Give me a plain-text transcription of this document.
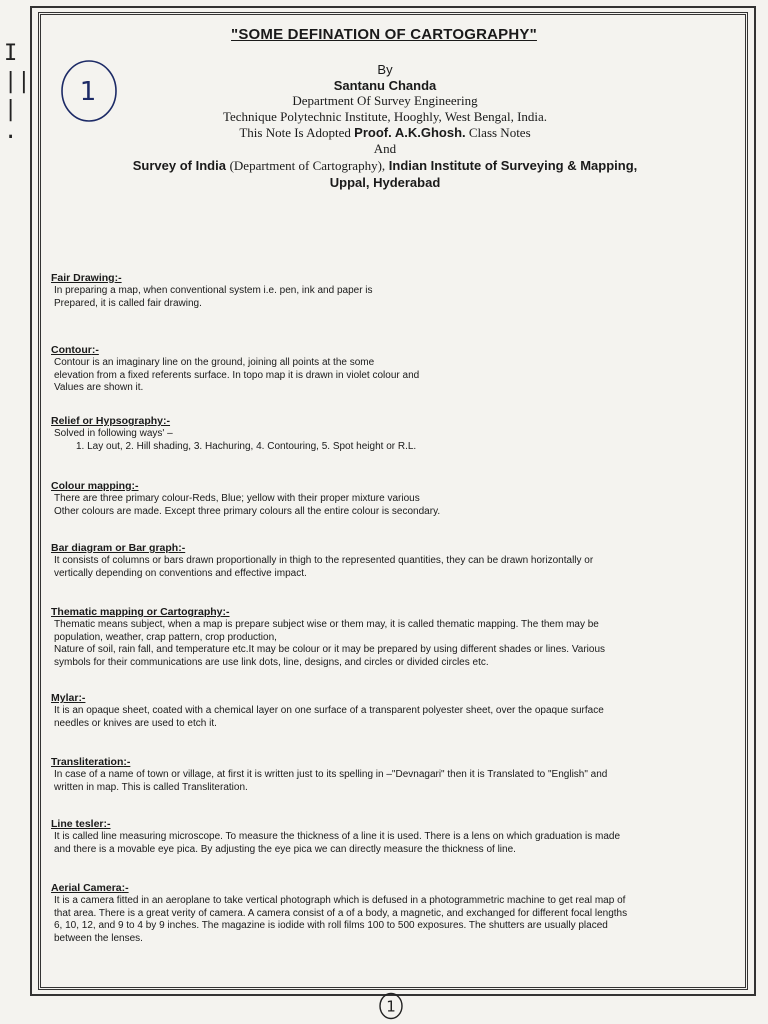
I
||
|·
1
"SOME DEFINATION OF CARTOGRAPHY"

By

Santanu Chanda

Department Of Survey Engineering

Technique Polytechnic Institute, Hooghly, West Bengal, India.

This Note Is Adopted Proof. A.K.Ghosh. Class Notes

And

Survey of India (Department of Cartography), Indian Institute of Surveying & Mapping,

Uppal, Hyderabad

Fair Drawing:-

In preparing a map, when conventional system i.e. pen, ink and paper is

Prepared, it is called fair drawing.

Contour:-

Contour is an imaginary line on the ground, joining all points at the some

elevation from a fixed referents surface. In topo map it is drawn in violet colour and

Values are shown it.

Relief or Hypsography:-

Solved in following ways' –

1. Lay out, 2. Hill shading, 3. Hachuring, 4. Contouring, 5. Spot height or R.L.

Colour mapping:-

There are three primary colour-Reds, Blue; yellow with their proper mixture various

Other colours are made. Except three primary colours all the entire colour is secondary.

Bar diagram or Bar graph:-

It consists of columns or bars drawn proportionally in thigh to the represented quantities, they can be drawn horizontally or

vertically depending on conventions and effective impact.

Thematic mapping or Cartography:-

Thematic means subject, when a map is prepare subject wise or them may, it is called thematic mapping. The them may be

population, weather, crap pattern, crop production,

Nature of soil, rain fall, and temperature etc.It may be colour or it may be prepared by using different shades or lines. Various

symbols for their communications are use link dots, line, designs, and circles or divided circles etc.

Mylar:-

It is an opaque sheet, coated with a chemical layer on one surface of a transparent polyester sheet, over the opaque surface

needles or knives are used to etch it.

Transliteration:-

In case of a name of town or village, at first it is written just to its spelling in –"Devnagari" then it is Translated to "English" and

written in map. This is called Transliteration.

Line tesler:-

It is called line measuring microscope. To measure the thickness of a line it is used. There is a lens on which graduation is made

and there is a movable eye pica. By adjusting the eye pica we can directly measure the thickness of line.

Aerial Camera:-

It is a camera fitted in an aeroplane to take vertical photograph which is defused in a photogrammetric machine to get real map of

that area. There is a great verity of camera. A camera consist of a of a body, a magnetic, and exchanged for different focal lengths

6, 10, 12, and 9 to 4 by 9 inches. The magazine is iodide with roll films 100 to 500 exposures. The shutters are usually placed

between the lenses.

1
